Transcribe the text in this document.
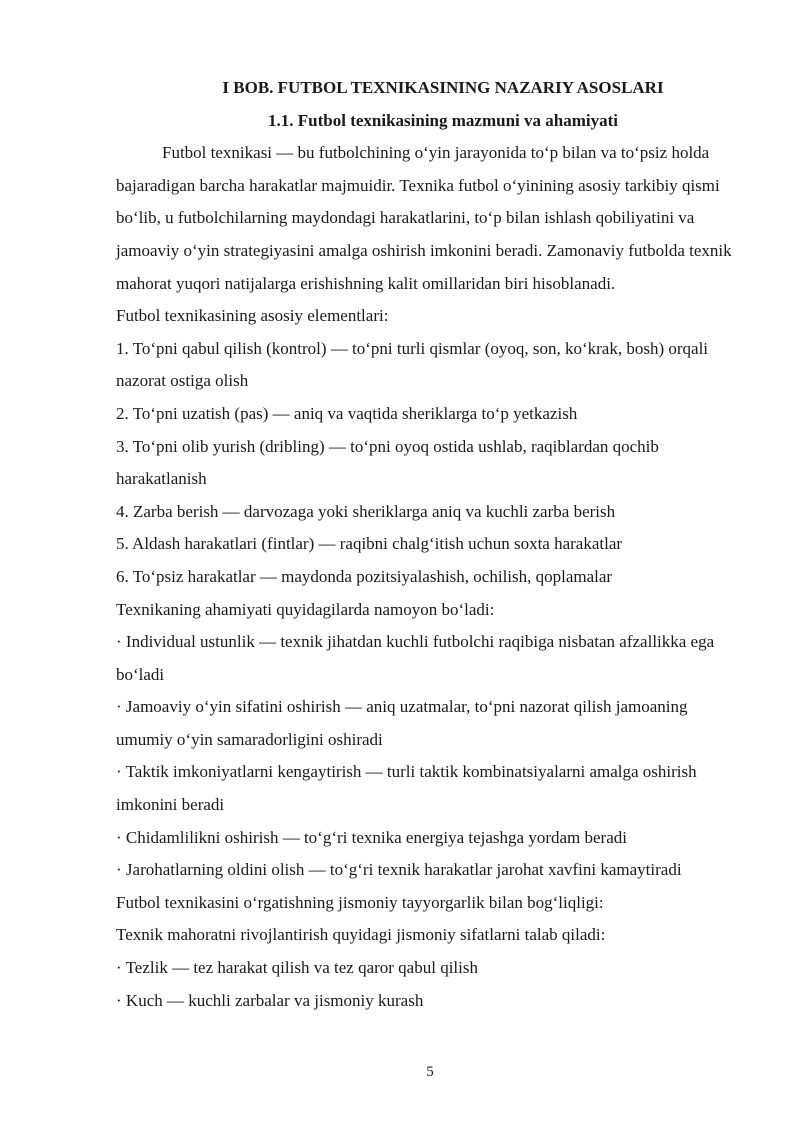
I BOB. FUTBOL TEXNIKASINING NAZARIY ASOSLARI

1.1. Futbol texnikasining mazmuni va ahamiyati

Futbol texnikasi — bu futbolchining o‘yin jarayonida to‘p bilan va to‘psiz holda bajaradigan barcha harakatlar majmuidir. Texnika futbol o‘yinining asosiy tarkibiy qismi bo‘lib, u futbolchilarning maydondagi harakatlarini, to‘p bilan ishlash qobiliyatini va jamoaviy o‘yin strategiyasini amalga oshirish imkonini beradi. Zamonaviy futbolda texnik mahorat yuqori natijalarga erishishning kalit omillaridan biri hisoblanadi.

Futbol texnikasining asosiy elementlari:

1. To‘pni qabul qilish (kontrol) — to‘pni turli qismlar (oyoq, son, ko‘krak, bosh) orqali nazorat ostiga olish

2. To‘pni uzatish (pas) — aniq va vaqtida sheriklarga to‘p yetkazish

3. To‘pni olib yurish (dribling) — to‘pni oyoq ostida ushlab, raqiblardan qochib harakatlanish

4. Zarba berish — darvozaga yoki sheriklarga aniq va kuchli zarba berish

5. Aldash harakatlari (fintlar) — raqibni chalg‘itish uchun soxta harakatlar

6. To‘psiz harakatlar — maydonda pozitsiyalashish, ochilish, qoplamalar

Texnikaning ahamiyati quyidagilarda namoyon bo‘ladi:

· Individual ustunlik — texnik jihatdan kuchli futbolchi raqibiga nisbatan afzallikka ega bo‘ladi

· Jamoaviy o‘yin sifatini oshirish — aniq uzatmalar, to‘pni nazorat qilish jamoaning umumiy o‘yin samaradorligini oshiradi

· Taktik imkoniyatlarni kengaytirish — turli taktik kombinatsiyalarni amalga oshirish imkonini beradi

· Chidamlilikni oshirish — to‘g‘ri texnika energiya tejashga yordam beradi

· Jarohatlarning oldini olish — to‘g‘ri texnik harakatlar jarohat xavfini kamaytiradi

Futbol texnikasini o‘rgatishning jismoniy tayyorgarlik bilan bog‘liqligi:

Texnik mahoratni rivojlantirish quyidagi jismoniy sifatlarni talab qiladi:

· Tezlik — tez harakat qilish va tez qaror qabul qilish

· Kuch — kuchli zarbalar va jismoniy kurash

5
